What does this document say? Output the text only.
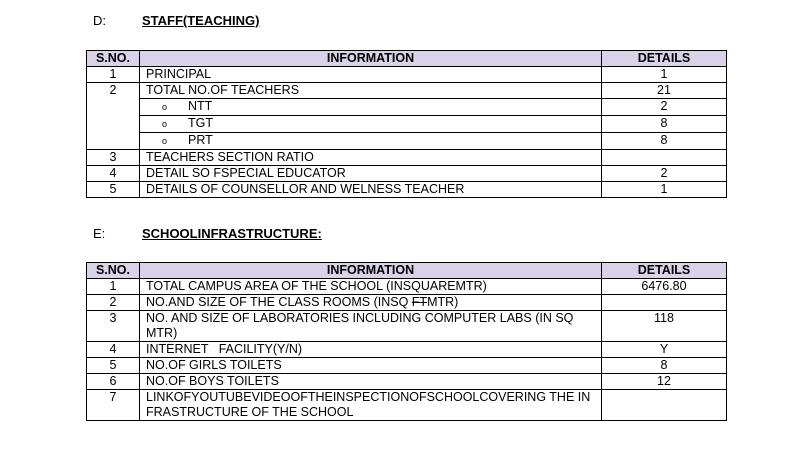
D:	STAFF(TEACHING)
S.NO.	INFORMATION	DETAILS
1	PRINCIPAL	1
2	TOTAL NO.OF TEACHERS	21
	o NTT	2
	o TGT	8
	o PRT	8
3	TEACHERS SECTION RATIO	
4	DETAIL SO FSPECIAL EDUCATOR	2
5	DETAILS OF COUNSELLOR AND WELNESS TEACHER	1
E:	SCHOOLINFRASTRUCTURE:
S.NO.	INFORMATION	DETAILS
1	TOTAL CAMPUS AREA OF THE SCHOOL (INSQUAREMTR)	6476.80
2	NO.AND SIZE OF THE CLASS ROOMS (INSQ FTMTR)	
3	NO. AND SIZE OF LABORATORIES INCLUDING COMPUTER LABS (IN SQ MTR)	118
4	INTERNET   FACILITY(Y/N)	Y
5	NO.OF GIRLS TOILETS	8
6	NO.OF BOYS TOILETS	12
7	LINKOFYOUTUBEVIDEOOFTHEINSPECTIONOFSCHOOLCOVERING THE INFRASTRUCTURE OF THE SCHOOL	
